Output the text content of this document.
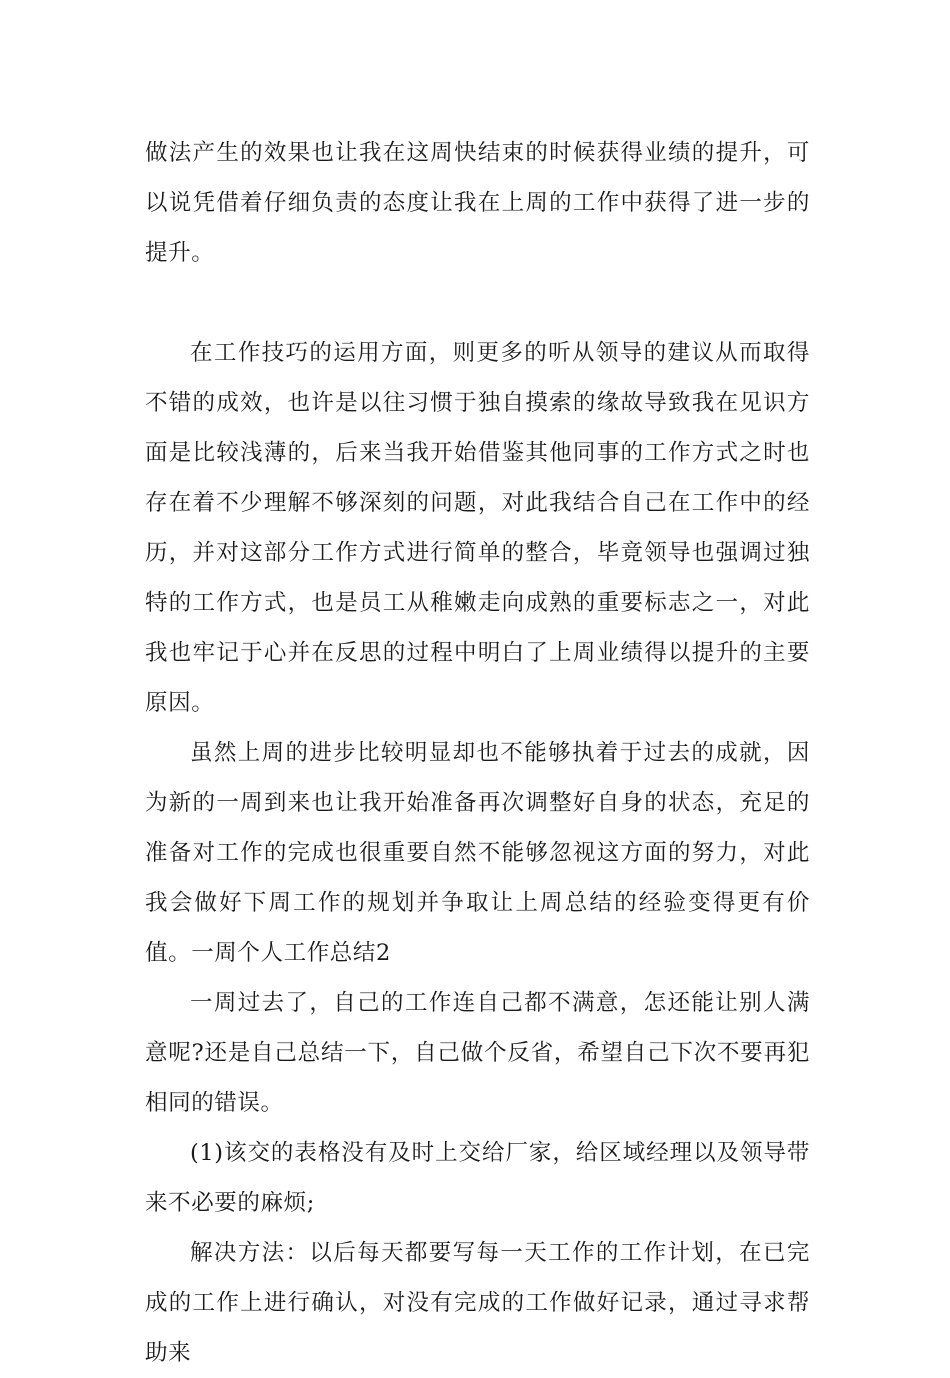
做法产生的效果也让我在这周快结束的时候获得业绩的提升，可以说凭借着仔细负责的态度让我在上周的工作中获得了进一步的提升。

在工作技巧的运用方面，则更多的听从领导的建议从而取得不错的成效，也许是以往习惯于独自摸索的缘故导致我在见识方面是比较浅薄的，后来当我开始借鉴其他同事的工作方式之时也存在着不少理解不够深刻的问题，对此我结合自己在工作中的经历，并对这部分工作方式进行简单的整合，毕竟领导也强调过独特的工作方式，也是员工从稚嫩走向成熟的重要标志之一，对此我也牢记于心并在反思的过程中明白了上周业绩得以提升的主要原因。

虽然上周的进步比较明显却也不能够执着于过去的成就，因为新的一周到来也让我开始准备再次调整好自身的状态，充足的准备对工作的完成也很重要自然不能够忽视这方面的努力，对此我会做好下周工作的规划并争取让上周总结的经验变得更有价值。一周个人工作总结2

一周过去了，自己的工作连自己都不满意，怎还能让别人满意呢?还是自己总结一下，自己做个反省，希望自己下次不要再犯相同的错误。

(1)该交的表格没有及时上交给厂家，给区域经理以及领导带来不必要的麻烦;

解决方法：以后每天都要写每一天工作的工作计划，在已完成的工作上进行确认，对没有完成的工作做好记录，通过寻求帮助来
